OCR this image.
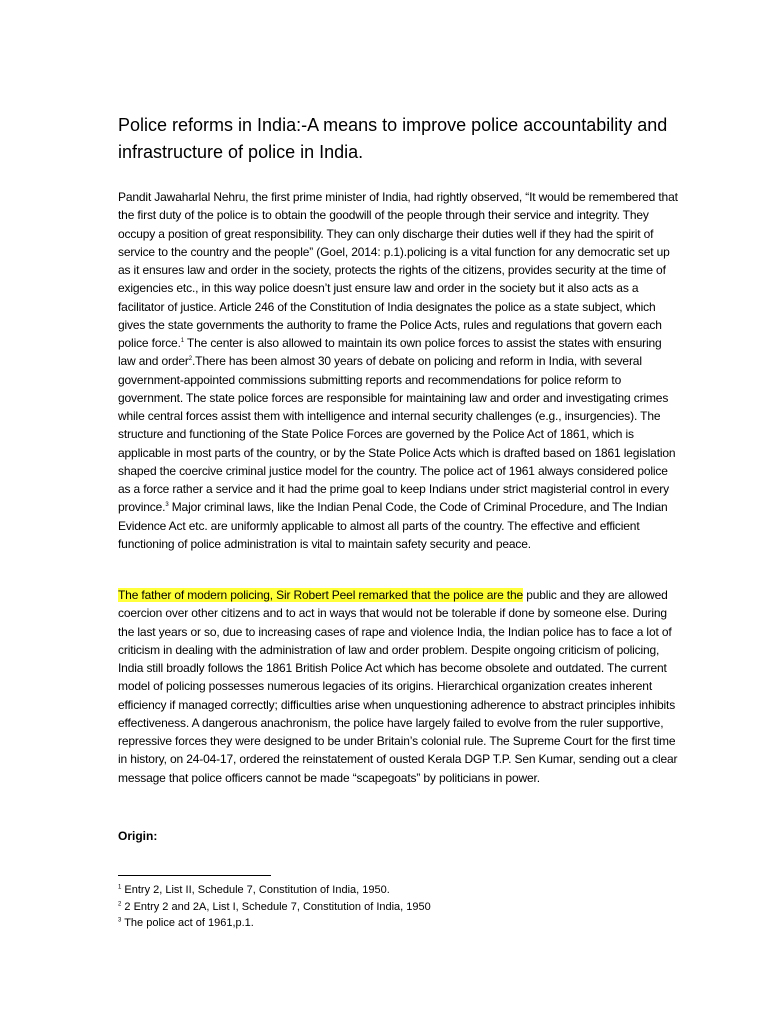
Police reforms in India:-A means to improve police accountability and infrastructure of police in India.

Pandit Jawaharlal Nehru, the first prime minister of India, had rightly observed, “It would be remembered that the first duty of the police is to obtain the goodwill of the people through their service and integrity. They occupy a position of great responsibility. They can only discharge their duties well if they had the spirit of service to the country and the people” (Goel, 2014: p.1).policing is a vital function for any democratic set up as it ensures law and order in the society, protects the rights of the citizens, provides security at the time of exigencies etc., in this way police doesn’t just ensure law and order in the society but it also acts as a facilitator of justice. Article 246 of the Constitution of India designates the police as a state subject, which gives the state governments the authority to frame the Police Acts, rules and regulations that govern each police force.$^1$ The center is also allowed to maintain its own police forces to assist the states with ensuring law and order$^2$.There has been almost 30 years of debate on policing and reform in India, with several government-appointed commissions submitting reports and recommendations for police reform to government. The state police forces are responsible for maintaining law and order and investigating crimes while central forces assist them with intelligence and internal security challenges (e.g., insurgencies). The structure and functioning of the State Police Forces are governed by the Police Act of 1861, which is applicable in most parts of the country, or by the State Police Acts which is drafted based on 1861 legislation shaped the coercive criminal justice model for the country. The police act of 1961 always considered police as a force rather a service and it had the prime goal to keep Indians under strict magisterial control in every province.$^3$ Major criminal laws, like the Indian Penal Code, the Code of Criminal Procedure, and The Indian Evidence Act etc. are uniformly applicable to almost all parts of the country. The effective and efficient functioning of police administration is vital to maintain safety security and peace.

The father of modern policing, Sir Robert Peel remarked that the police are the public and they are allowed coercion over other citizens and to act in ways that would not be tolerable if done by someone else. During the last years or so, due to increasing cases of rape and violence India, the Indian police has to face a lot of criticism in dealing with the administration of law and order problem. Despite ongoing criticism of policing, India still broadly follows the 1861 British Police Act which has become obsolete and outdated. The current model of policing possesses numerous legacies of its origins. Hierarchical organization creates inherent efficiency if managed correctly; difficulties arise when unquestioning adherence to abstract principles inhibits effectiveness. A dangerous anachronism, the police have largely failed to evolve from the ruler supportive, repressive forces they were designed to be under Britain’s colonial rule. The Supreme Court for the first time in history, on 24-04-17, ordered the reinstatement of ousted Kerala DGP T.P. Sen Kumar, sending out a clear message that police officers cannot be made “scapegoats” by politicians in power.

Origin:

$^1$ Entry 2, List II, Schedule 7, Constitution of India, 1950.
$^2$ 2 Entry 2 and 2A, List I, Schedule 7, Constitution of India, 1950
$^3$ The police act of 1961,p.1.
